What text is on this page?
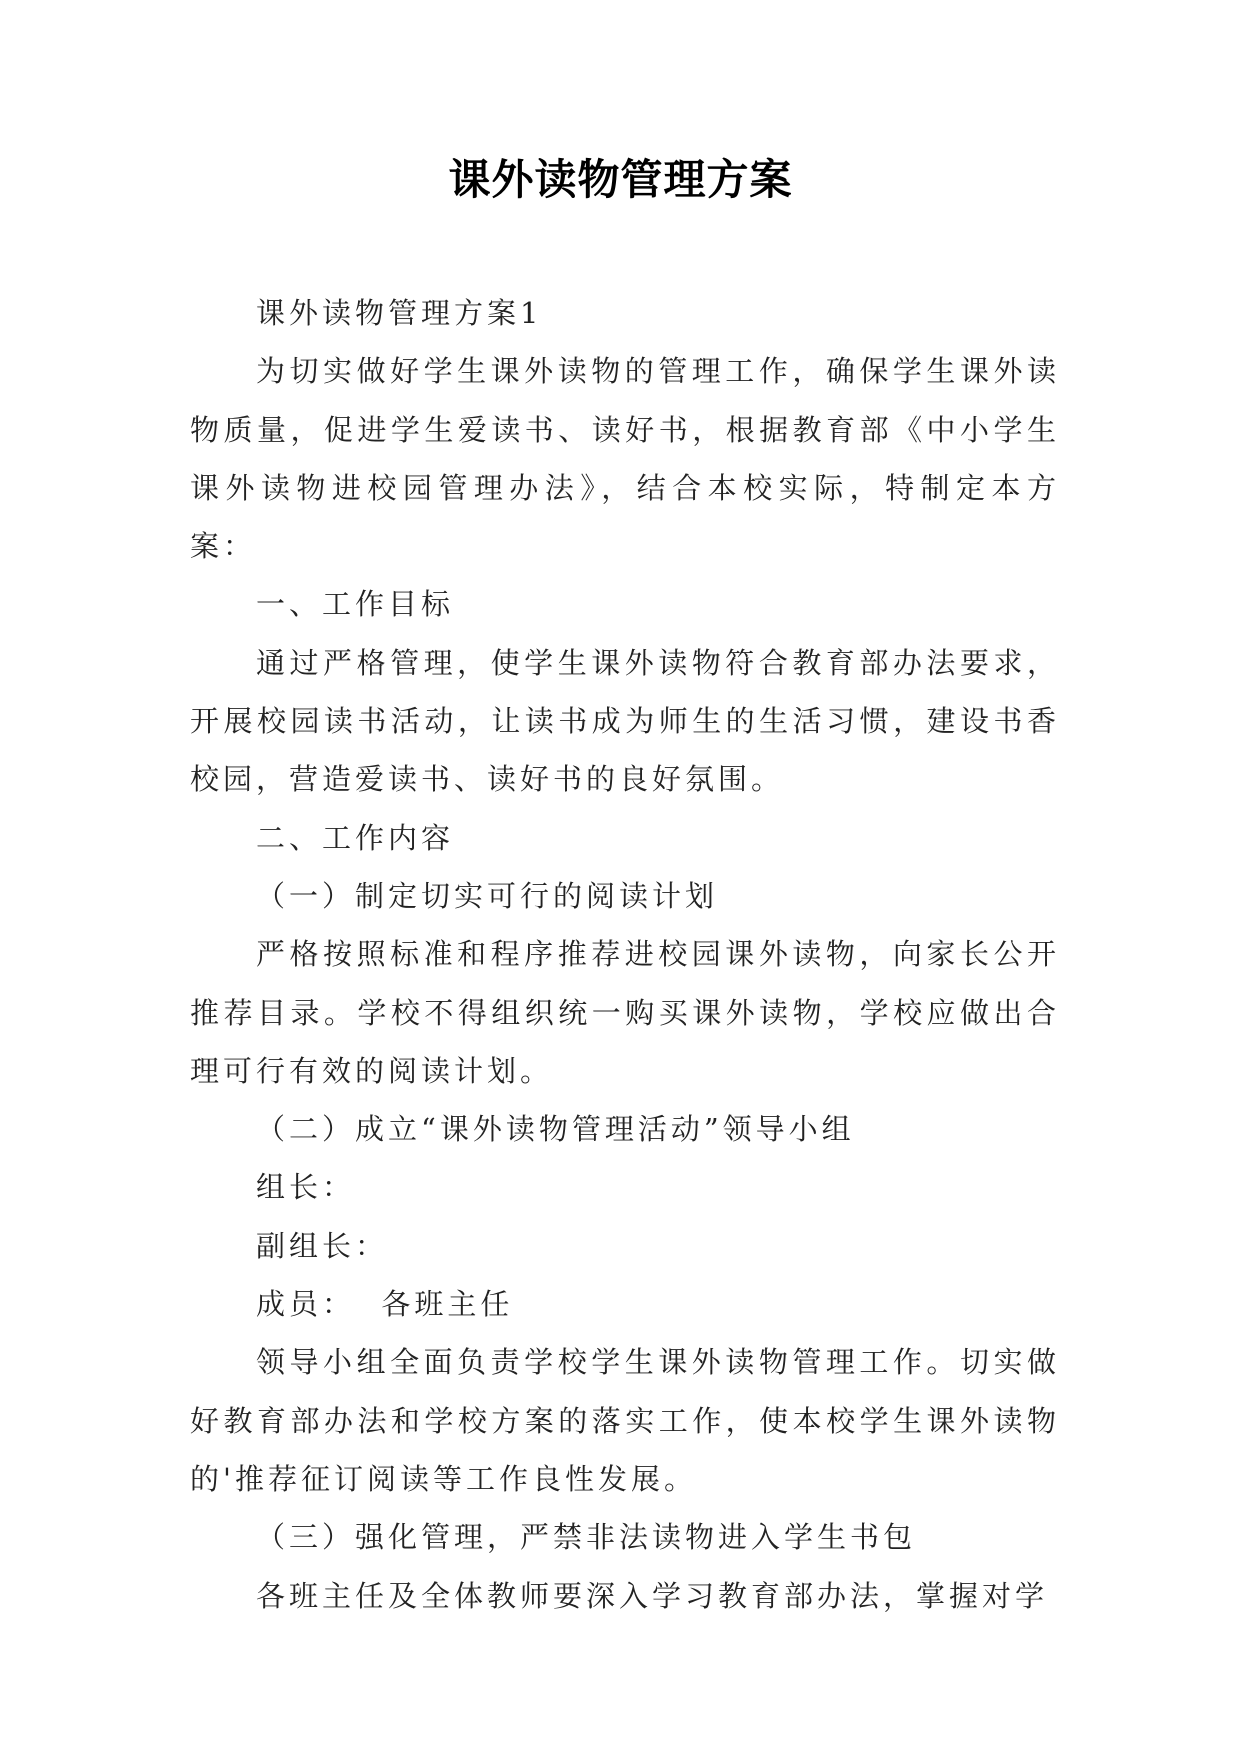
课外读物管理方案

课外读物管理方案1

为切实做好学生课外读物的管理工作，确保学生课外读物质量，促进学生爱读书、读好书，根据教育部《中小学生课外读物进校园管理办法》，结合本校实际，特制定本方案：

一、工作目标

通过严格管理，使学生课外读物符合教育部办法要求，开展校园读书活动，让读书成为师生的生活习惯，建设书香校园，营造爱读书、读好书的良好氛围。

二、工作内容

（一）制定切实可行的阅读计划

严格按照标准和程序推荐进校园课外读物，向家长公开推荐目录。学校不得组织统一购买课外读物，学校应做出合理可行有效的阅读计划。

（二）成立“课外读物管理活动”领导小组

组长：

副组长：

成员：  各班主任

领导小组全面负责学校学生课外读物管理工作。切实做好教育部办法和学校方案的落实工作，使本校学生课外读物的'推荐征订阅读等工作良性发展。

（三）强化管理，严禁非法读物进入学生书包

各班主任及全体教师要深入学习教育部办法，掌握对学
